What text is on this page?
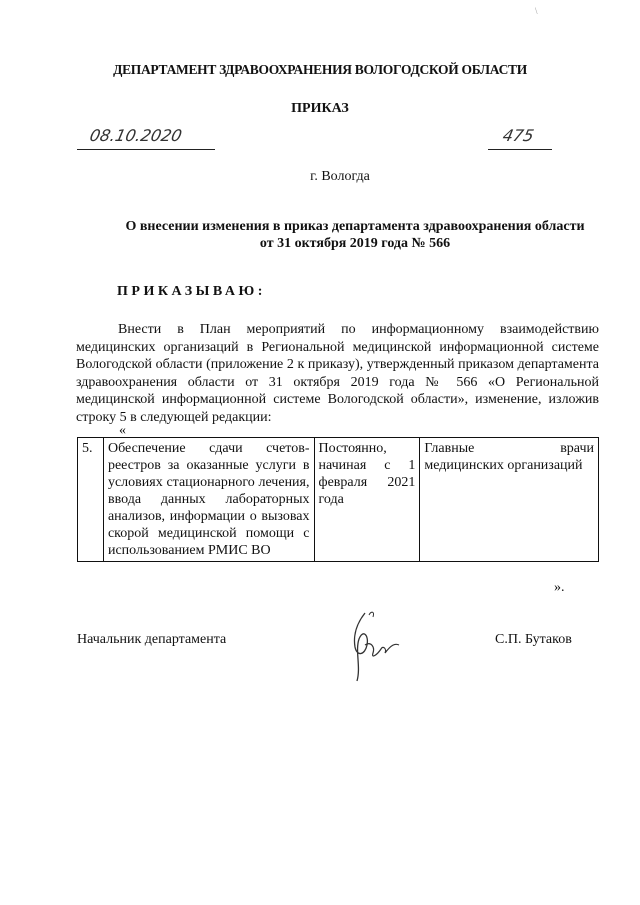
\
ДЕПАРТАМЕНТ ЗДРАВООХРАНЕНИЯ ВОЛОГОДСКОЙ ОБЛАСТИ
ПРИКАЗ
08.10.2020	475
г. Вологда
О внесении изменения в приказ департамента здравоохранения области от 31 октября 2019 года № 566
ПРИКАЗЫВАЮ:
Внести в План мероприятий по информационному взаимодействию медицинских организаций в Региональной медицинской информационной системе Вологодской области (приложение 2 к приказу), утвержденный приказом департамента здравоохранения области от 31 октября 2019 года № 566 «О Региональной медицинской информационной системе Вологодской области», изменение, изложив строку 5 в следующей редакции:
«
5.	Обеспечение сдачи счетов-реестров за оказанные услуги в условиях стационарного лечения, ввода данных лабораторных анализов, информации о вызовах скорой медицинской помощи с использованием РМИС ВО	Постоянно, начиная с 1 февраля 2021 года	Главные врачи медицинских организаций
».
Начальник департамента	С.П. Бутаков
